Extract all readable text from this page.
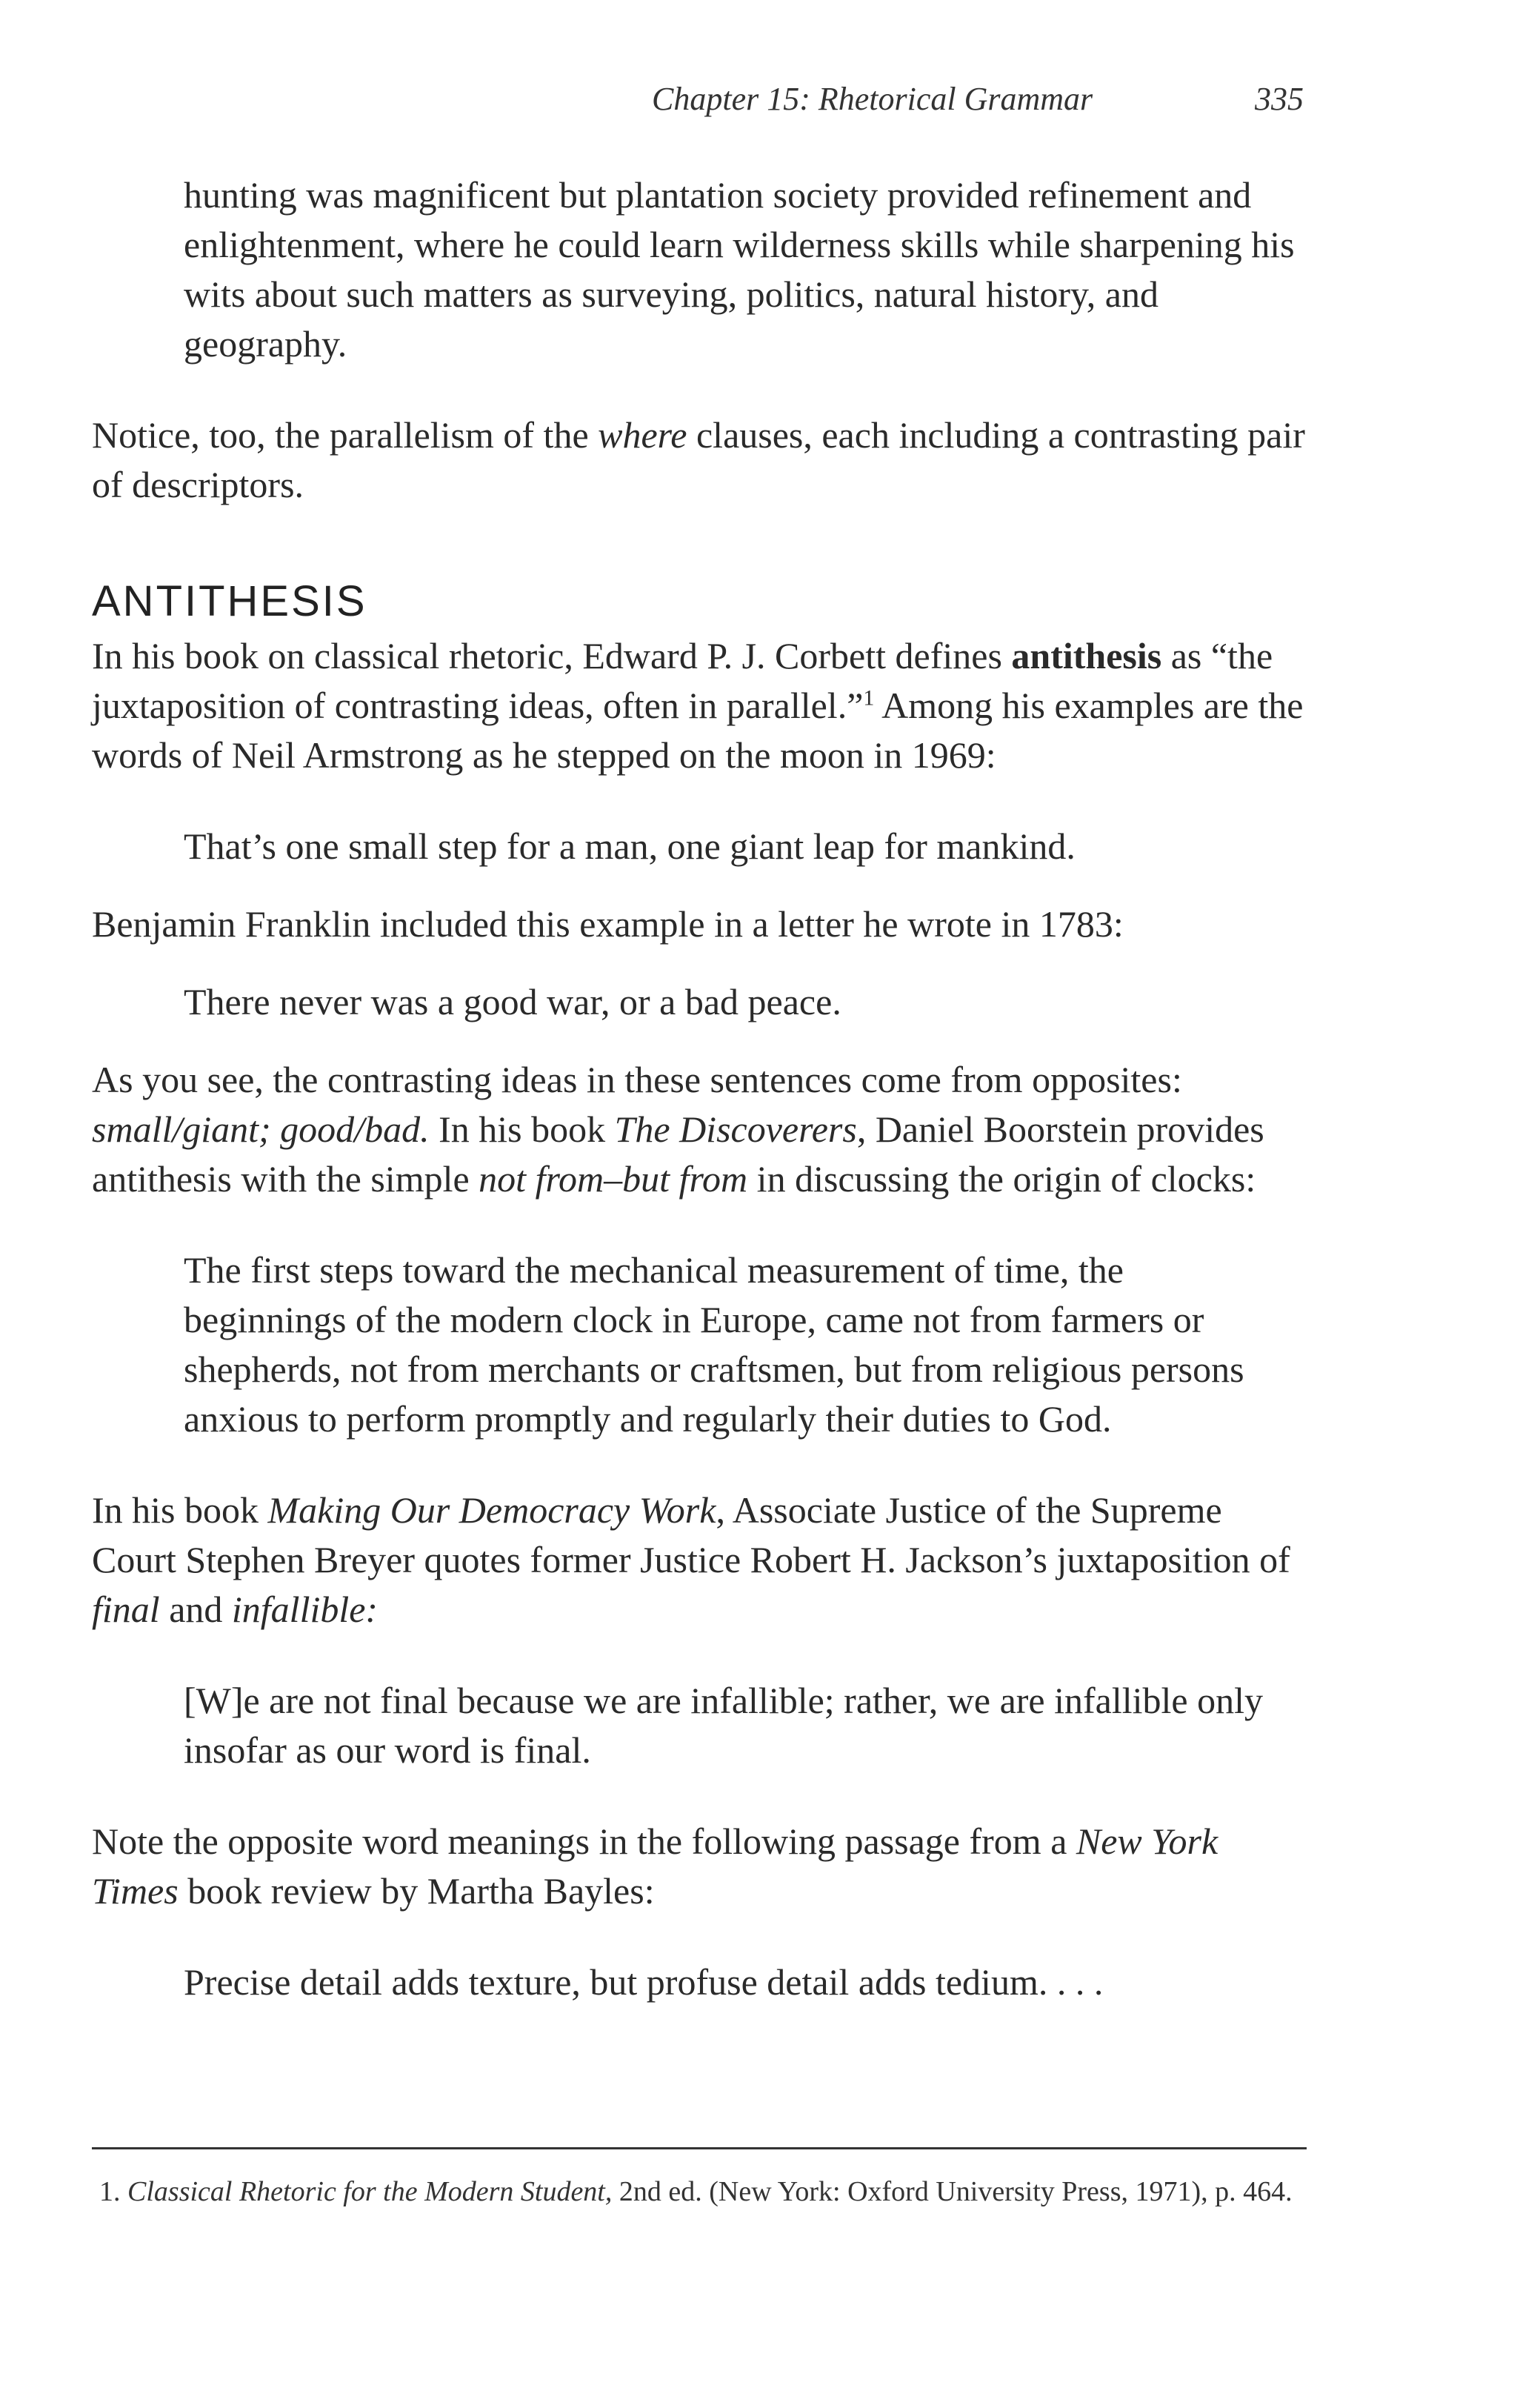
Chapter 15: Rhetorical Grammar	335

hunting was magnificent but plantation society provided refinement and enlightenment, where he could learn wilderness skills while sharpening his wits about such matters as surveying, politics, natural history, and geography.

Notice, too, the parallelism of the where clauses, each including a contrasting pair of descriptors.

ANTITHESIS

In his book on classical rhetoric, Edward P. J. Corbett defines antithesis as “the juxtaposition of contrasting ideas, often in parallel.”$^1$ Among his examples are the words of Neil Armstrong as he stepped on the moon in 1969:

That’s one small step for a man, one giant leap for mankind.

Benjamin Franklin included this example in a letter he wrote in 1783:

There never was a good war, or a bad peace.

As you see, the contrasting ideas in these sentences come from opposites: small/giant; good/bad. In his book The Discoverers, Daniel Boorstein provides antithesis with the simple not from–but from in discussing the origin of clocks:

The first steps toward the mechanical measurement of time, the beginnings of the modern clock in Europe, came not from farmers or shepherds, not from merchants or craftsmen, but from religious persons anxious to perform promptly and regularly their duties to God.

In his book Making Our Democracy Work, Associate Justice of the Supreme Court Stephen Breyer quotes former Justice Robert H. Jackson’s juxtaposition of final and infallible:

[W]e are not final because we are infallible; rather, we are infallible only insofar as our word is final.

Note the opposite word meanings in the following passage from a New York Times book review by Martha Bayles:

Precise detail adds texture, but profuse detail adds tedium. . . .

1. Classical Rhetoric for the Modern Student, 2nd ed. (New York: Oxford University Press, 1971), p. 464.
